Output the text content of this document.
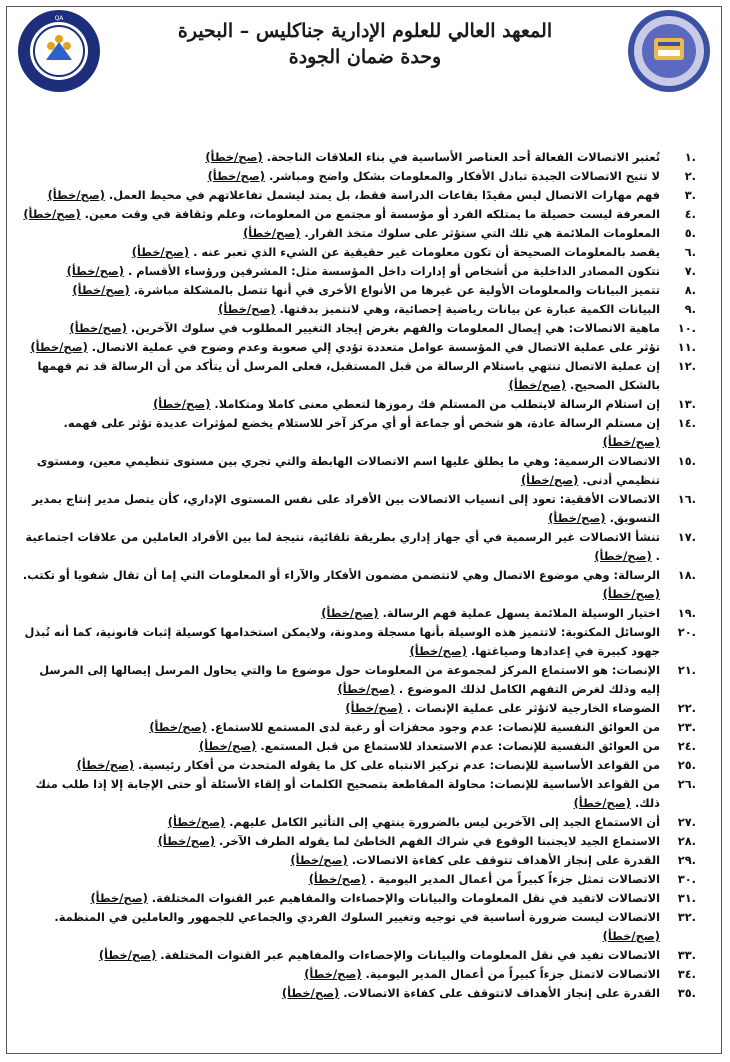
QA
المعهد العالي للعلوم الإدارية جناكليس – البحيرة
وحدة ضمان الجودة
.١
تُعتبر الاتصالات الفعالة أحد العناصر الأساسية في بناء العلاقات الناجحة. (صح/خطأ)
.٢
لا تتيح الاتصالات الجيدة تبادل الأفكار والمعلومات بشكل واضح ومباشر. (صح/خطأ)
.٣
فهم مهارات الاتصال ليس مقيدًا بقاعات الدراسة فقط، بل يمتد ليشمل تفاعلاتهم في محيط العمل. (صح/خطأ)
.٤
المعرفة ليست حصيلة ما يمتلكه الفرد أو مؤسسة أو مجتمع من المعلومات، وعلم وثقافة في وقت معين. (صح/خطأ)
.٥
المعلومات الملائمة هي تلك التي ستؤثر على سلوك متخذ القرار. (صح/خطأ)
.٦
يقصد بالمعلومات الصحيحة أن تكون معلومات غير حقيقية عن الشيء الذي تعبر عنه . (صح/خطأ)
.٧
تتكون المصادر الداخلية من أشخاص أو إدارات داخل المؤسسة مثل: المشرفين ورؤساء الأقسام . (صح/خطأ)
.٨
تتميز البيانات والمعلومات الأولية عن غيرها من الأنواع الأخرى في أنها تتصل بالمشكلة مباشرة. (صح/خطأ)
.٩
البيانات الكمية عبارة عن بيانات رياضية إحصائية، وهي لاتتميز بدقتها. (صح/خطأ)
.١٠
ماهية الاتصالات: هي إيصال المعلومات والفهم بغرض إيجاد التغيير المطلوب في سلوك الآخرين. (صح/خطأ)
.١١
تؤثر على عملية الاتصال في المؤسسة عوامل متعددة تؤدي إلي صعوبة وعدم وضوح في عملية الاتصال. (صح/خطأ)
.١٢
إن عملية الاتصال تنتهي باستلام الرسالة من قبل المستقبل، فعلى المرسل أن يتأكد من أن الرسالة قد تم فهمها بالشكل الصحيح. (صح/خطأ)
.١٣
إن استلام الرسالة لايتطلب من المستلم فك رموزها لتعطي معنى كاملا ومتكاملا. (صح/خطأ)
.١٤
إن مستلم الرسالة عادة، هو شخص أو جماعة أو أي مركز آخر للاستلام يخضع لمؤثرات عديدة تؤثر على فهمه. (صح/خطأ)
.١٥
الاتصالات الرسمية: وهي ما يطلق عليها اسم الاتصالات الهابطة والتي تجري بين مستوى تنظيمي معين، ومستوى تنظيمي أدنى. (صح/خطأ)
.١٦
الاتصالات الأفقية: تعود إلى انسياب الاتصالات بين الأفراد على نفس المستوى الإداري، كأن يتصل مدير إنتاج بمدير التسويق. (صح/خطأ)
.١٧
تنشأ الاتصالات غير الرسمية في أي جهاز إداري بطريقة تلقائية، نتيجة لما بين الأفراد العاملين من علاقات اجتماعية . (صح/خطأ)
.١٨
الرسالة: وهي موضوع الاتصال وهي لاتتضمن مضمون الأفكار والآراء أو المعلومات التي إما أن تقال شفويا أو تكتب. (صح/خطأ)
.١٩
اختيار الوسيلة الملائمة يسهل عملية فهم الرسالة. (صح/خطأ)
.٢٠
الوسائل المكتوبة: لاتتميز هذه الوسيلة بأنها مسجلة ومدونة، ولايمكن استخدامها كوسيلة إثبات قانونية، كما أنه تُبذل جهود كبيرة في إعدادها وصياغتها. (صح/خطأ)
.٢١
الإنصات: هو الاستماع المركز لمجموعة من المعلومات حول موضوع ما والتي يحاول المرسل إيصالها إلى المرسل إليه وذلك لغرض التفهم الكامل لذلك الموضوع . (صح/خطأ)
.٢٢
الضوضاء الخارجية لاتؤثر على عملية الإنصات . (صح/خطأ)
.٢٣
من العوائق النفسية للإنصات: عدم وجود محفزات أو رغبة لدى المستمع للاستماع. (صح/خطأ)
.٢٤
من العوائق النفسية للإنصات: عدم الاستعداد للاستماع من قبل المستمع. (صح/خطأ)
.٢٥
من القواعد الأساسية للإنصات: عدم تركيز الانتباه على كل ما يقوله المتحدث من أفكار رئيسية. (صح/خطأ)
.٢٦
من القواعد الأساسية للإنصات: محاولة المقاطعة بتصحيح الكلمات أو إلقاء الأسئلة أو حتى الإجابة إلا إذا طلب منك ذلك. (صح/خطأ)
.٢٧
أن الاستماع الجيد إلى الآخرين ليس بالضرورة ينتهي إلى التأثير الكامل عليهم. (صح/خطأ)
.٢٨
الاستماع الجيد لايجنبنا الوقوع في شراك الفهم الخاطئ لما يقوله الطرف الآخر. (صح/خطأ)
.٢٩
القدرة على إنجاز الأهداف تتوقف على كفاءة الاتصالات. (صح/خطأ)
.٣٠
الاتصالات تمثل جزءاً كبيراً من أعمال المدير اليومية . (صح/خطأ)
.٣١
الاتصالات لاتفيد في نقل المعلومات والبيانات والإحصاءات والمفاهيم عبر القنوات المختلفة. (صح/خطأ)
.٣٢
الاتصالات ليست ضرورة أساسية في توجيه وتغيير السلوك الفردي والجماعي للجمهور والعاملين في المنظمة. (صح/خطأ)
.٣٣
الاتصالات تفيد في نقل المعلومات والبيانات والإحصاءات والمفاهيم عبر القنوات المختلفة. (صح/خطأ)
.٣٤
الاتصالات لاتمثل جزءاً كبيراً من أعمال المدير اليومية. (صح/خطأ)
.٣٥
القدرة على إنجاز الأهداف لاتتوقف على كفاءة الاتصالات. (صح/خطأ)
